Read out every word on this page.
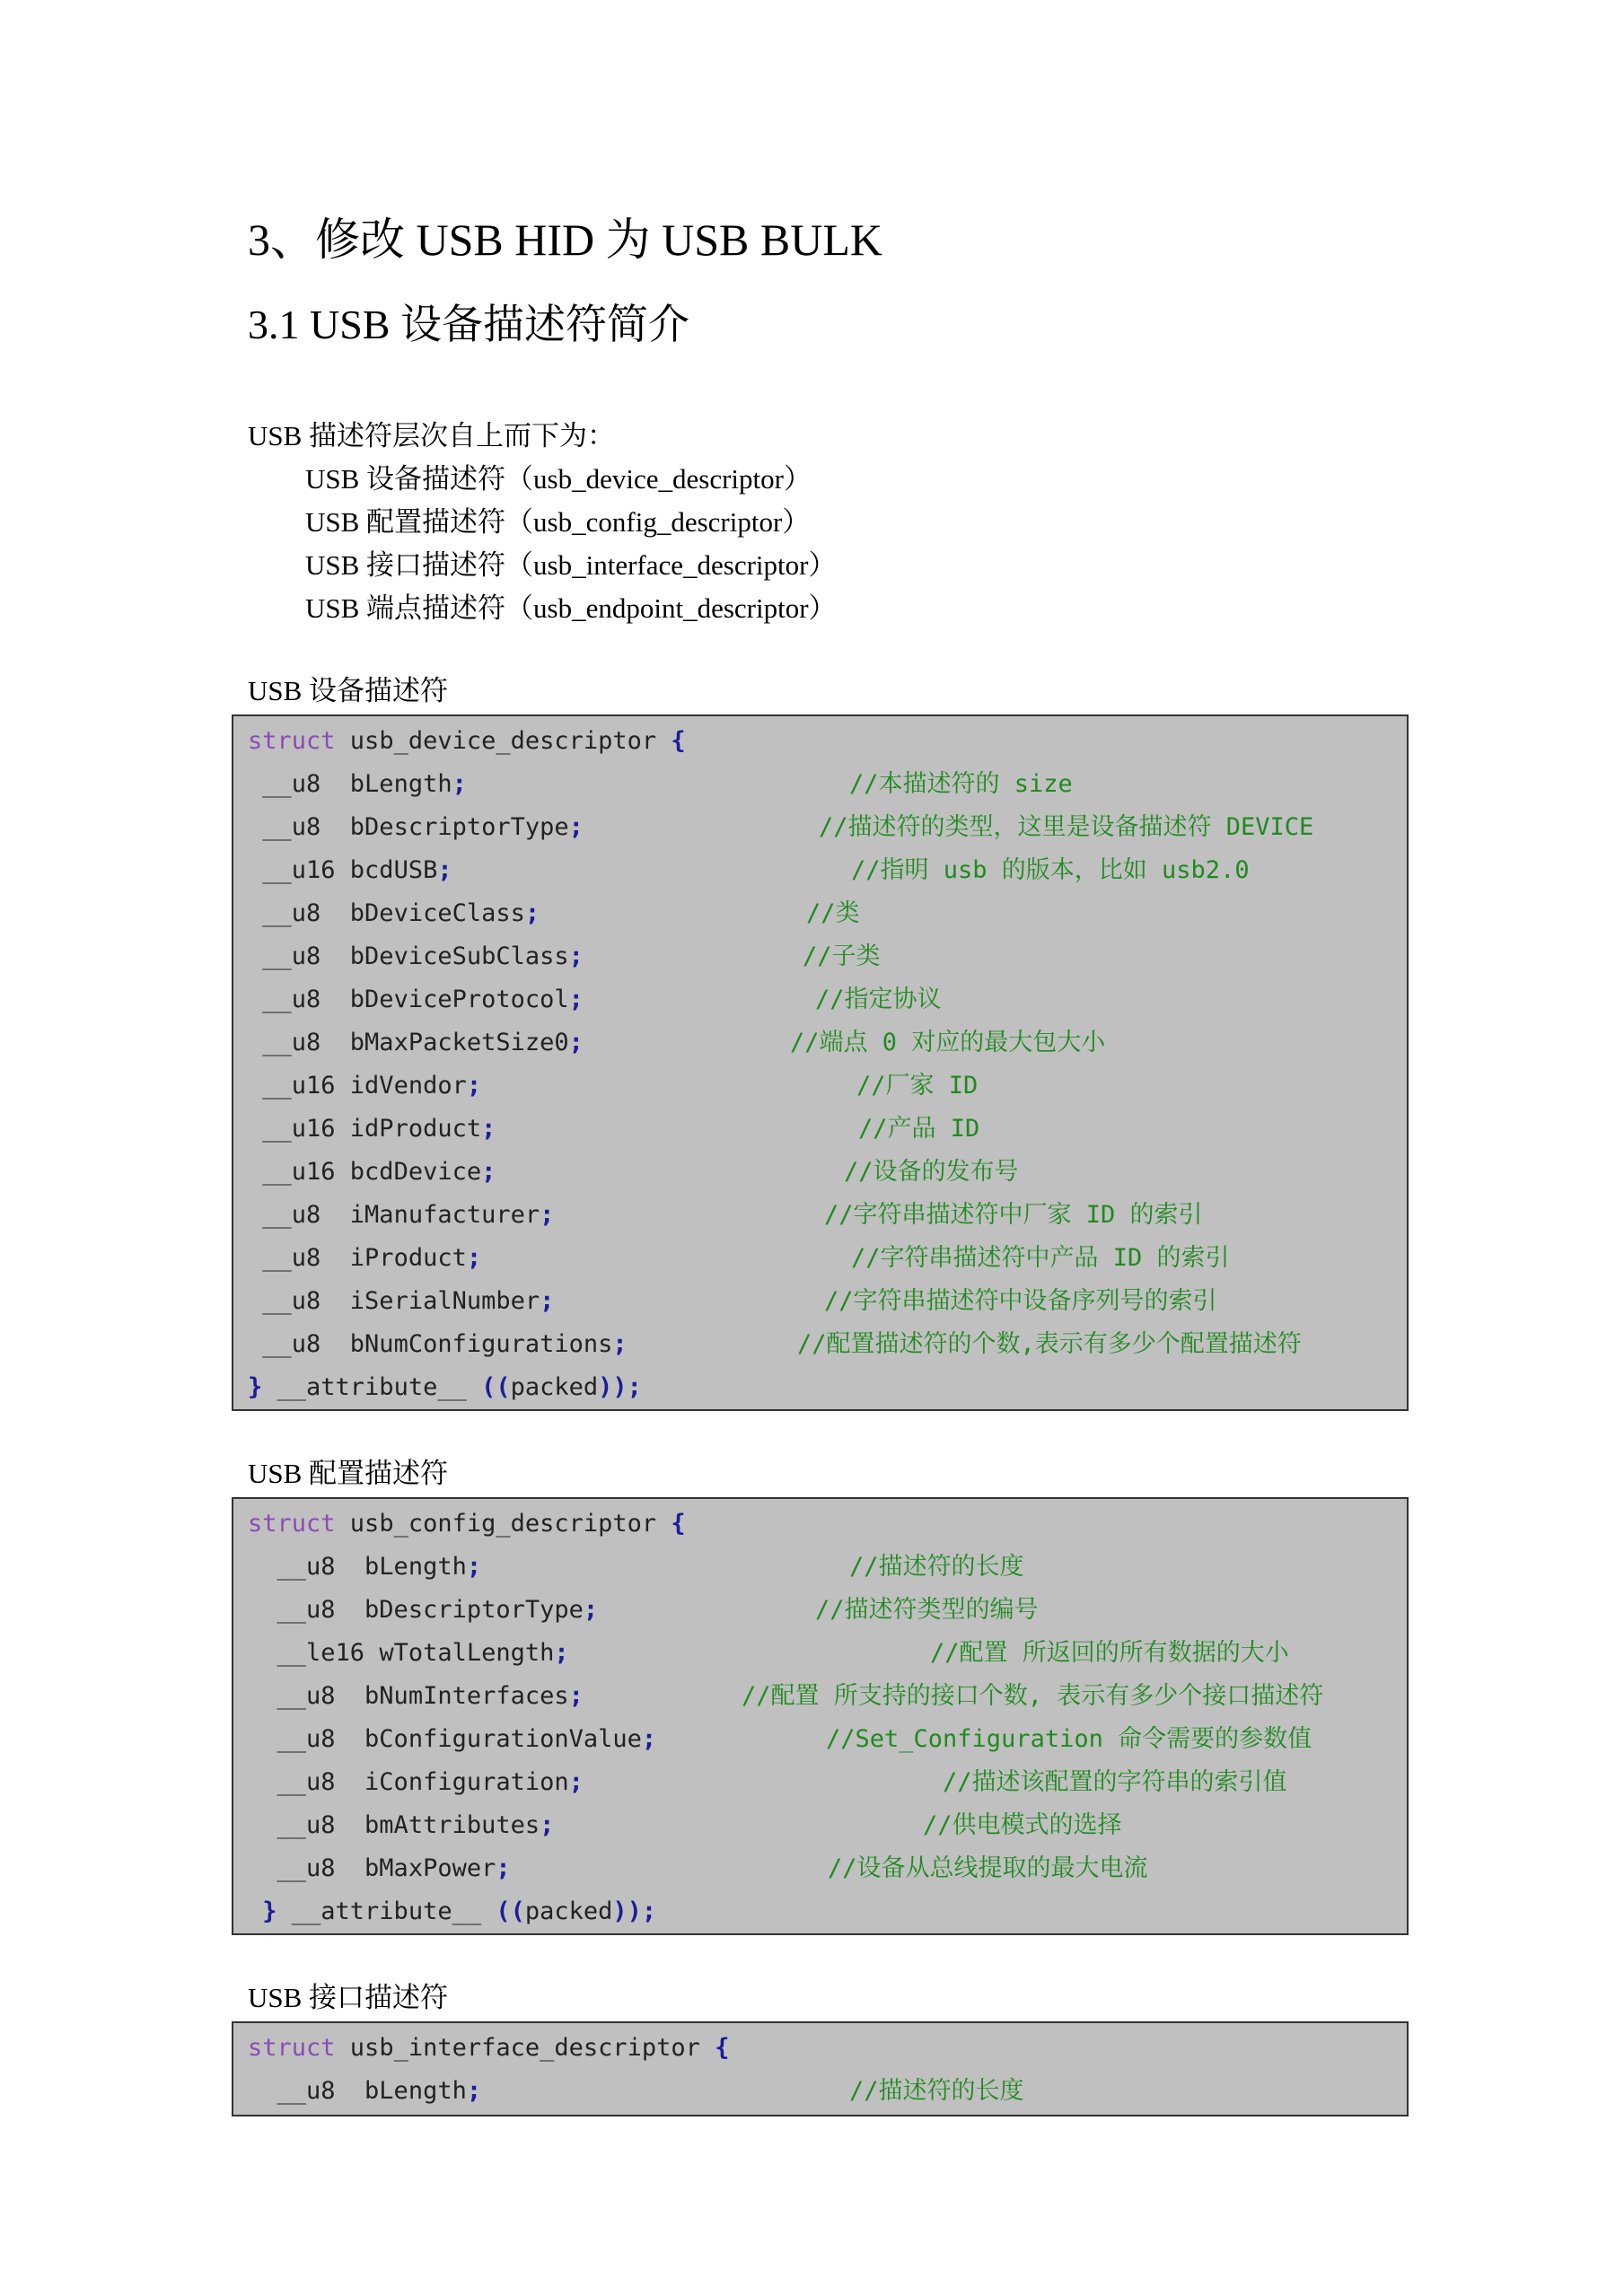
3、修改 USB HID 为 USB BULK
3.1 USB 设备描述符简介
USB 描述符层次自上而下为：
USB 设备描述符（usb_device_descriptor）
USB 配置描述符（usb_config_descriptor）
USB 接口描述符（usb_interface_descriptor）
USB 端点描述符（usb_endpoint_descriptor）
USB 设备描述符
struct usb_device_descriptor {
__u8  bLength;	//本描述符的 size
__u8  bDescriptorType;	//描述符的类型，这里是设备描述符 DEVICE
__u16 bcdUSB;	//指明 usb 的版本，比如 usb2.0
__u8  bDeviceClass;	//类
__u8  bDeviceSubClass;	//子类
__u8  bDeviceProtocol;	//指定协议
__u8  bMaxPacketSize0;	//端点 0 对应的最大包大小
__u16 idVendor;	//厂家 ID
__u16 idProduct;	//产品 ID
__u16 bcdDevice;	//设备的发布号
__u8  iManufacturer;	//字符串描述符中厂家 ID 的索引
__u8  iProduct;	//字符串描述符中产品 ID 的索引
__u8  iSerialNumber;	//字符串描述符中设备序列号的索引
__u8  bNumConfigurations;	//配置描述符的个数,表示有多少个配置描述符
} __attribute__ ((packed));
USB 配置描述符
struct usb_config_descriptor {
__u8  bLength;	//描述符的长度
__u8  bDescriptorType;	//描述符类型的编号
__le16 wTotalLength;	//配置 所返回的所有数据的大小
__u8  bNumInterfaces;	//配置 所支持的接口个数, 表示有多少个接口描述符
__u8  bConfigurationValue;	//Set_Configuration 命令需要的参数值
__u8  iConfiguration;	//描述该配置的字符串的索引值
__u8  bmAttributes;	//供电模式的选择
__u8  bMaxPower;	//设备从总线提取的最大电流
} __attribute__ ((packed));
USB 接口描述符
struct usb_interface_descriptor {
__u8  bLength;	//描述符的长度
